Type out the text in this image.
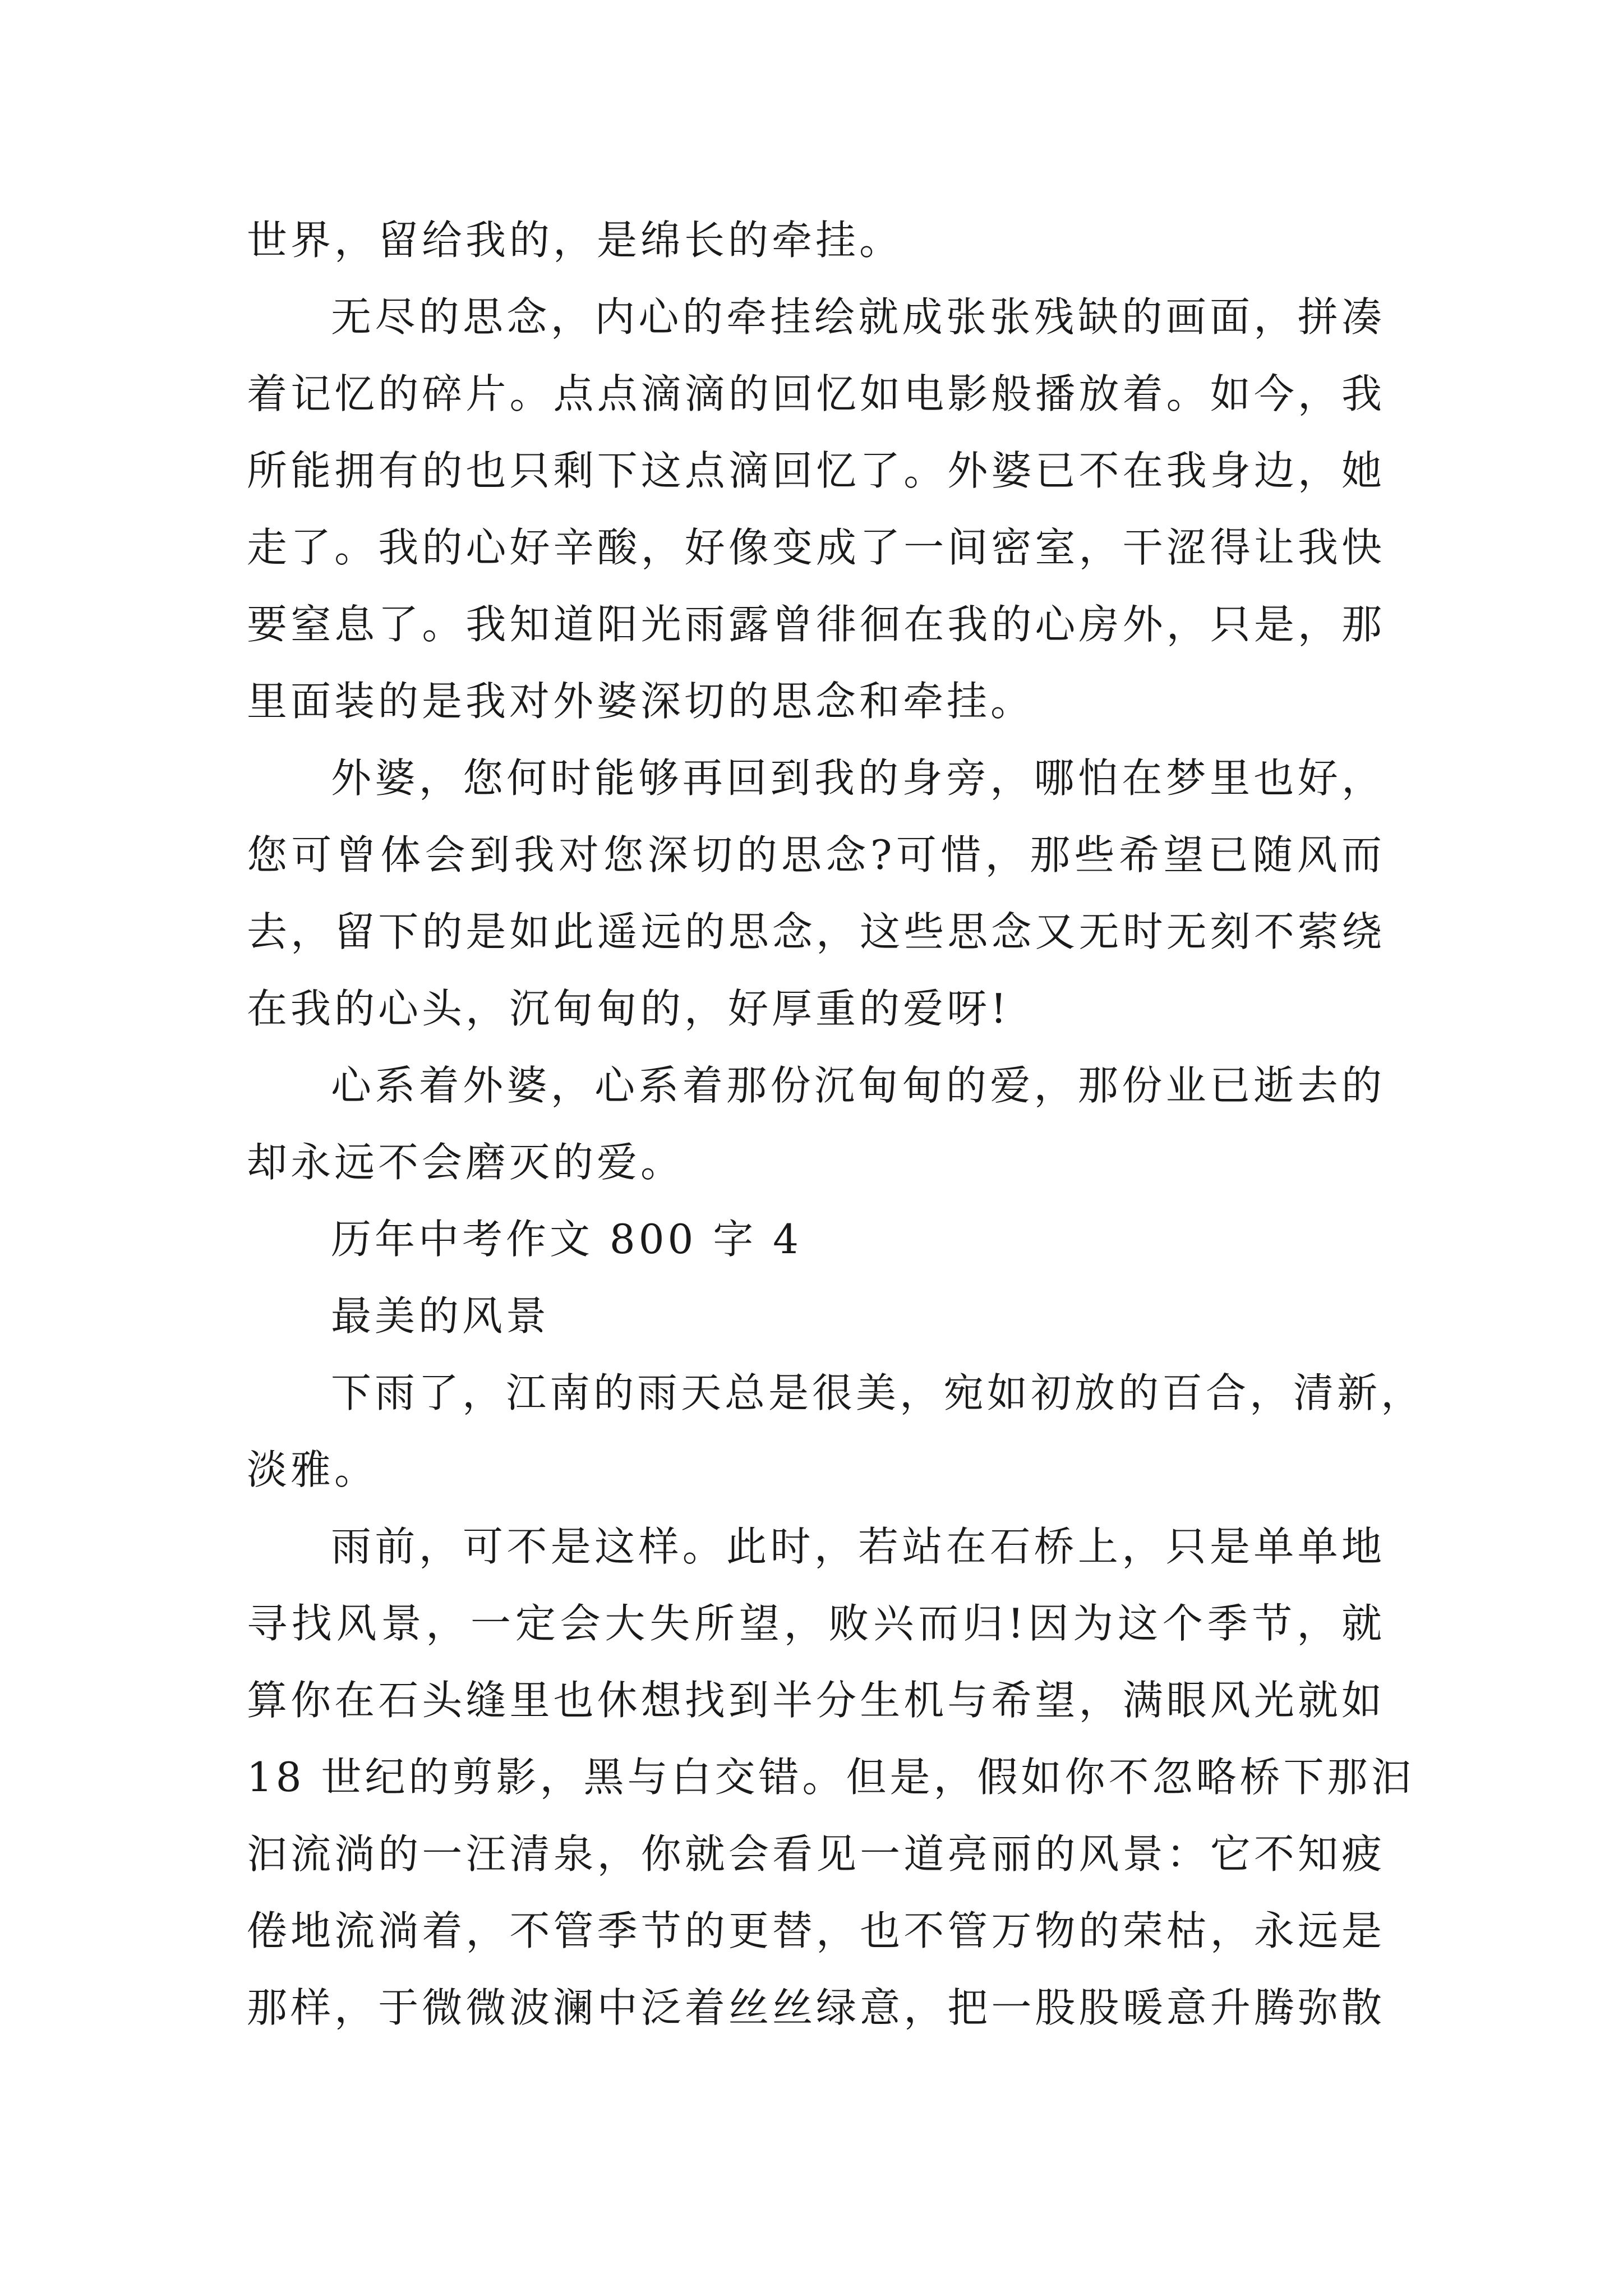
世界，留给我的，是绵长的牵挂。
无尽的思念，内心的牵挂绘就成张张残缺的画面，拼凑
着记忆的碎片。点点滴滴的回忆如电影般播放着。如今，我
所能拥有的也只剩下这点滴回忆了。外婆已不在我身边，她
走了。我的心好辛酸，好像变成了一间密室，干涩得让我快
要窒息了。我知道阳光雨露曾徘徊在我的心房外，只是，那
里面装的是我对外婆深切的思念和牵挂。
外婆，您何时能够再回到我的身旁，哪怕在梦里也好，
您可曾体会到我对您深切的思念?可惜，那些希望已随风而
去，留下的是如此遥远的思念，这些思念又无时无刻不萦绕
在我的心头，沉甸甸的，好厚重的爱呀!
心系着外婆，心系着那份沉甸甸的爱，那份业已逝去的
却永远不会磨灭的爱。
历年中考作文 800 字 4
最美的风景
下雨了，江南的雨天总是很美，宛如初放的百合，清新，
淡雅。
雨前，可不是这样。此时，若站在石桥上，只是单单地
寻找风景，一定会大失所望，败兴而归!因为这个季节，就
算你在石头缝里也休想找到半分生机与希望，满眼风光就如
18 世纪的剪影，黑与白交错。但是，假如你不忽略桥下那汩
汩流淌的一汪清泉，你就会看见一道亮丽的风景：它不知疲
倦地流淌着，不管季节的更替，也不管万物的荣枯，永远是
那样，于微微波澜中泛着丝丝绿意，把一股股暖意升腾弥散
